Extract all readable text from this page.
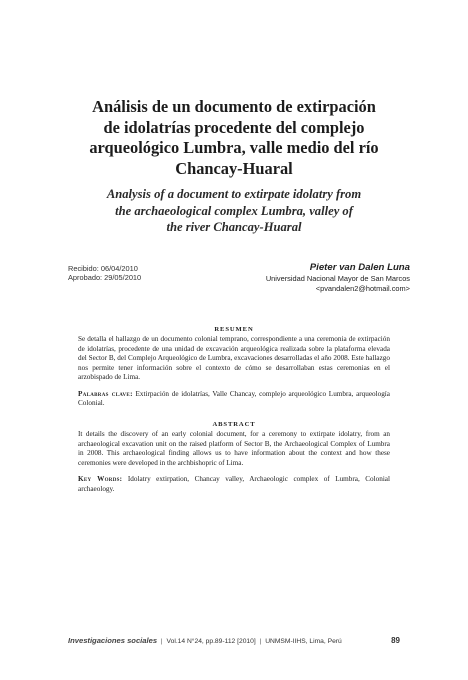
Análisis de un documento de extirpación
de idolatrías procedente del complejo
arqueológico Lumbra, valle medio del río
Chancay-Huaral
Analysis of a document to extirpate idolatry from
the archaeological complex Lumbra, valley of
the river Chancay-Huaral
Recibido: 06/04/2010
Aprobado: 29/05/2010
Pieter van Dalen Luna
Universidad Nacional Mayor de San Marcos
<pvandalen2@hotmail.com>

RESUMEN

Se detalla el hallazgo de un documento colonial temprano, correspondiente a una ceremonia de extirpación de idolatrías, procedente de una unidad de excavación arqueológica realizada sobre la plataforma elevada del Sector B, del Complejo Arqueológico de Lumbra, excavaciones desarrolladas el año 2008. Este hallazgo nos permite tener información sobre el contexto de cómo se desarrollaban estas ceremonias en el arzobispado de Lima.

Palabras clave: Extirpación de idolatrías, Valle Chancay, complejo arqueológico Lumbra, arqueología Colonial.

ABSTRACT

It details the discovery of an early colonial document, for a ceremony to extirpate idolatry, from an archaeological excavation unit on the raised platform of Sector B, the Archaeological Complex of Lumbra in 2008. This archaeological finding allows us to have information about the context and how these ceremonies were developed in the archbishopric of Lima.

Key Words: Idolatry extirpation, Chancay valley, Archaeologic complex of Lumbra, Colonial archaeology.

Investigaciones sociales | Vol.14 N°24, pp.89-112 [2010] | UNMSM-IIHS, Lima, Perú	89
